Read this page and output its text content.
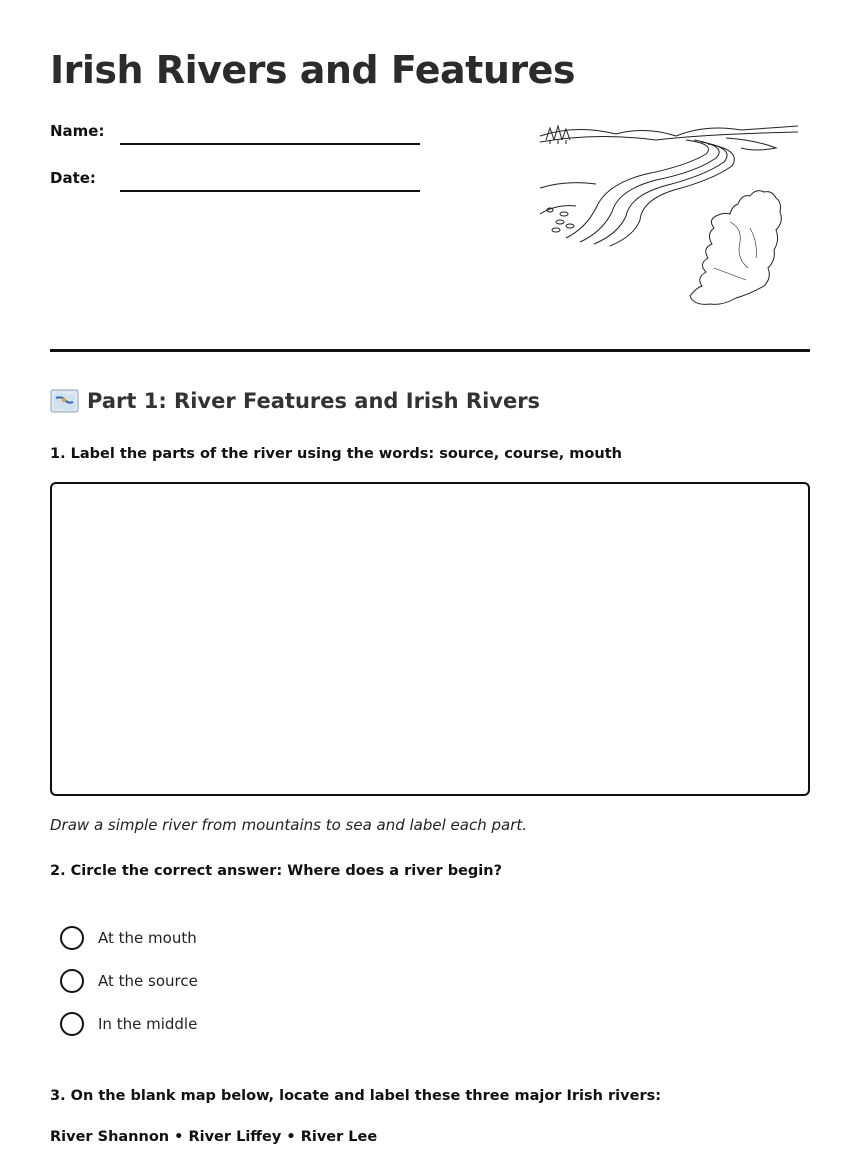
Irish Rivers and Features
Name:
Date:
Part 1: River Features and Irish Rivers

1. Label the parts of the river using the words: source, course, mouth

Draw a simple river from mountains to sea and label each part.

2. Circle the correct answer: Where does a river begin?

At the mouth
At the source
In the middle

3. On the blank map below, locate and label these three major Irish rivers:

River Shannon • River Liffey • River Lee
